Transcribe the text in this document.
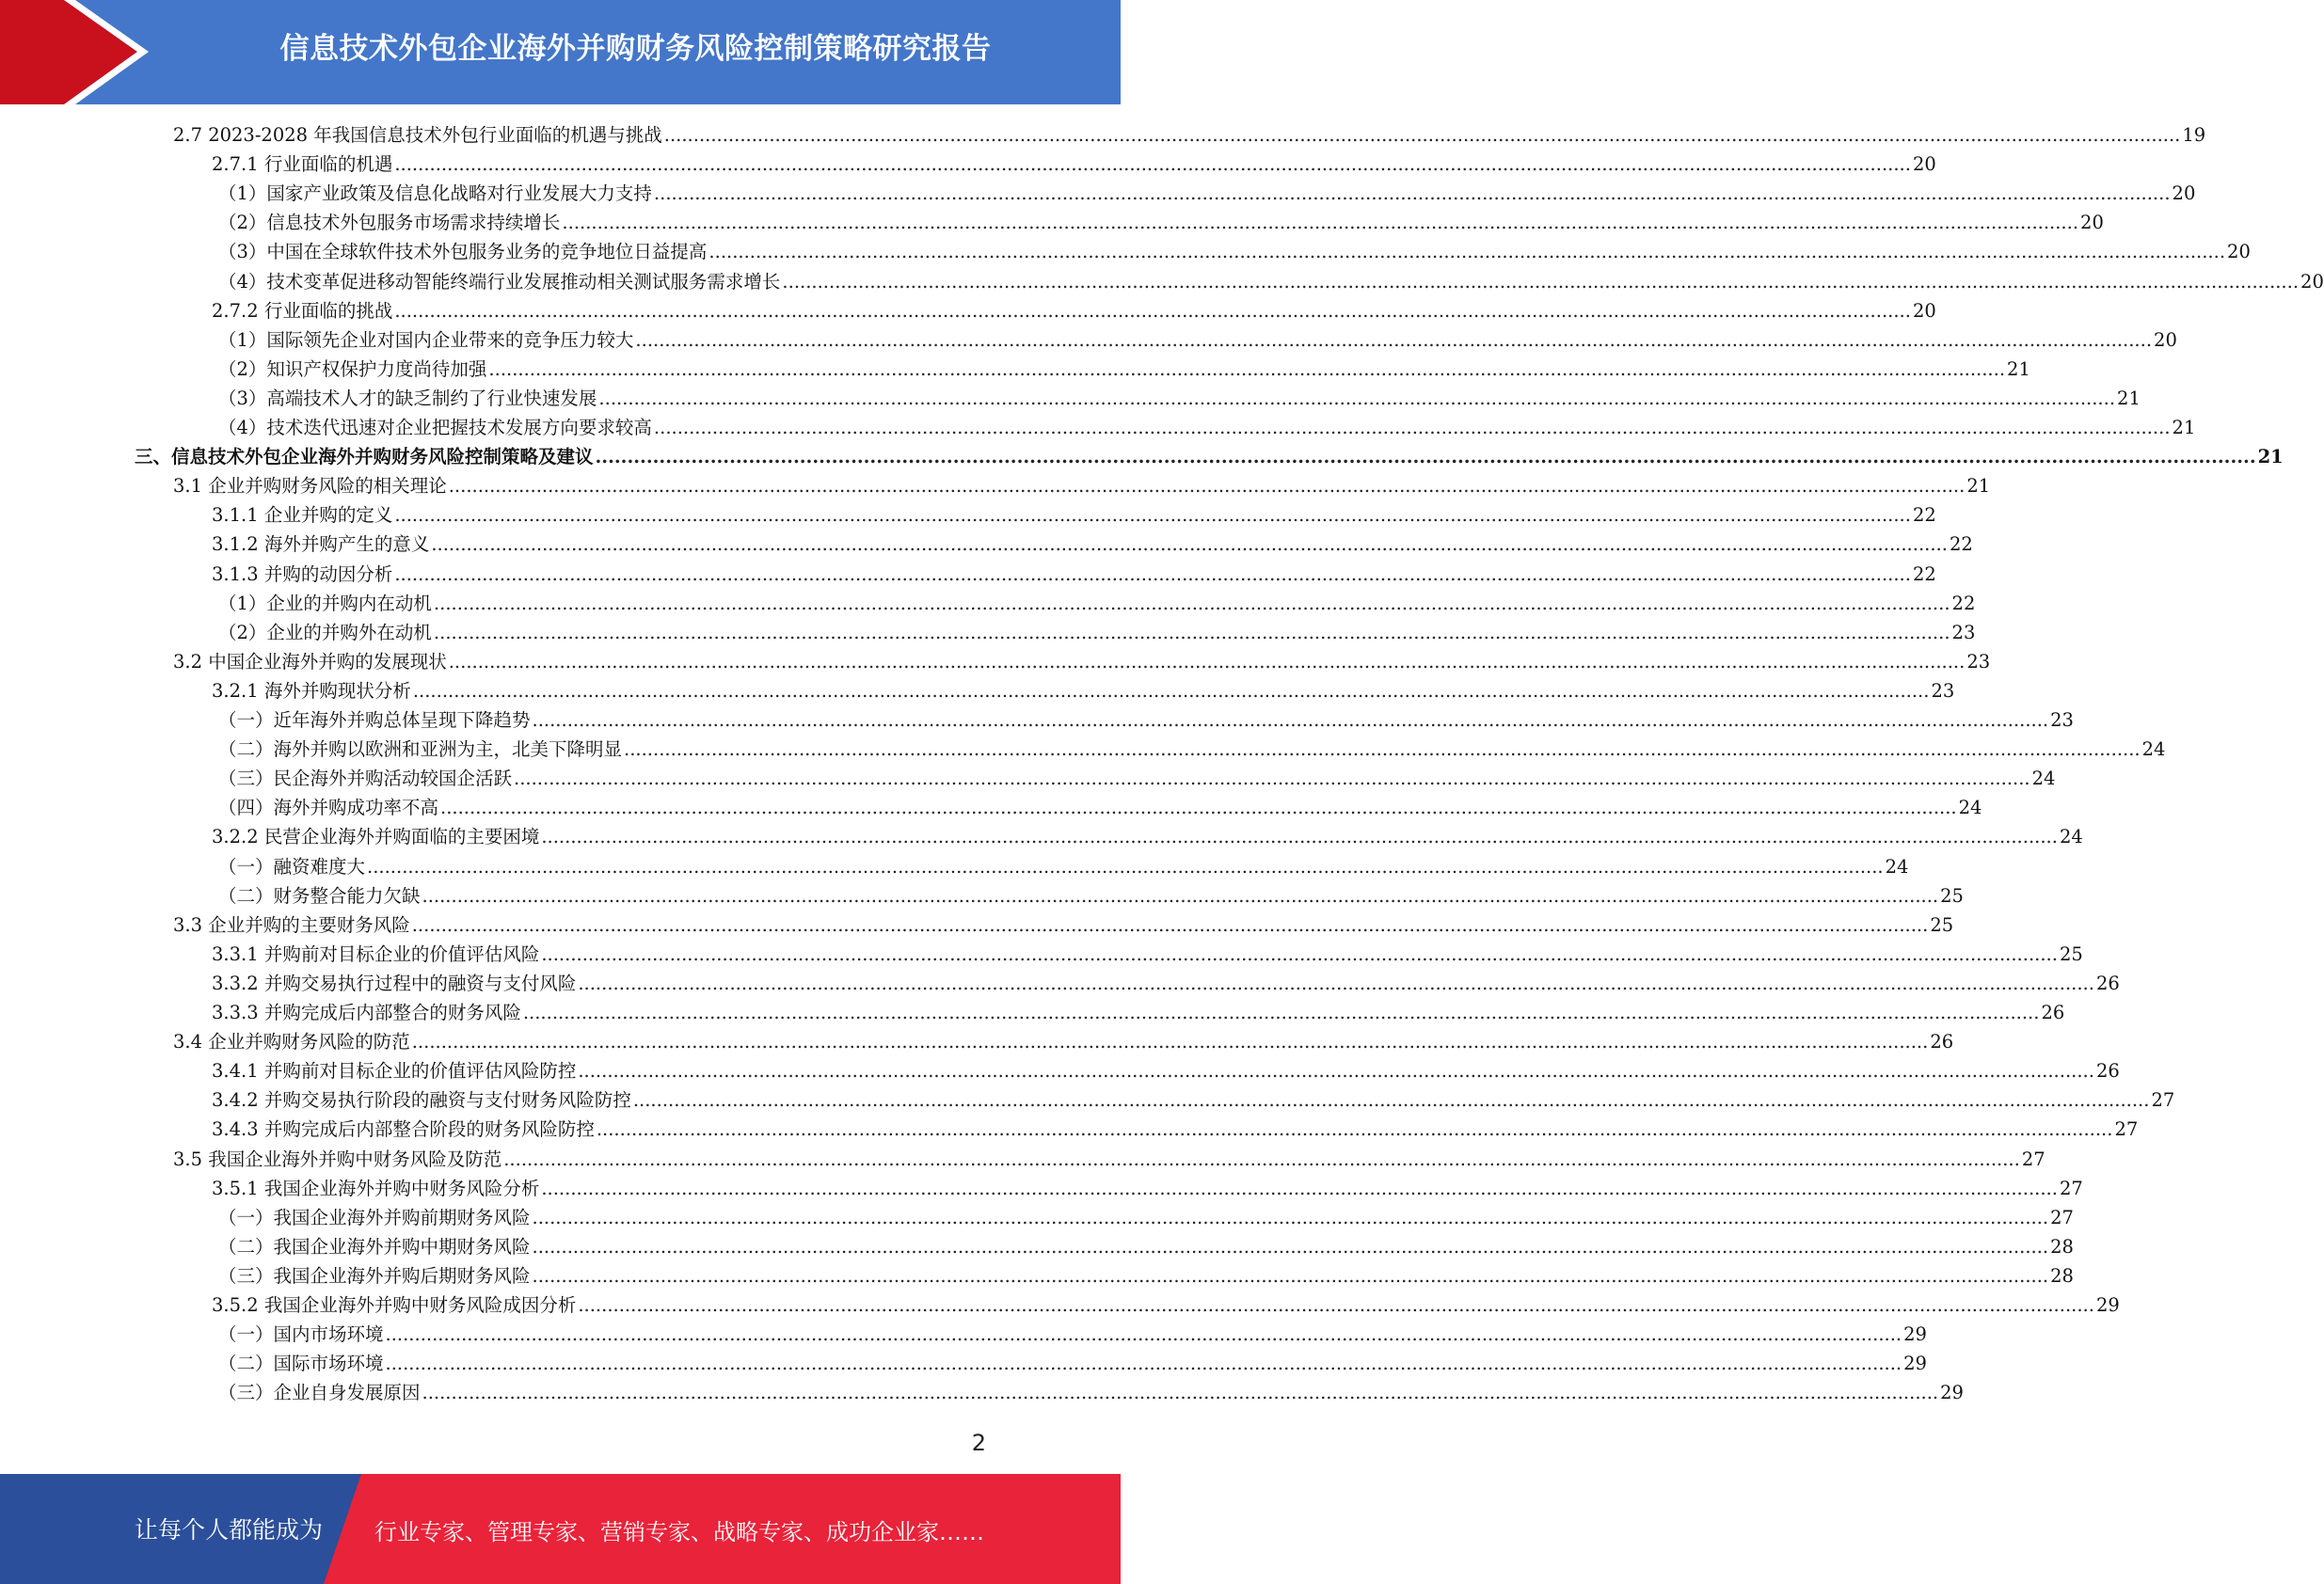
信息技术外包企业海外并购财务风险控制策略研究报告
2.7 2023-2028 年我国信息技术外包行业面临的机遇与挑战 .................................................................................................................................................................................................................................................................... 19
2.7.1 行业面临的机遇 .................................................................................................................................................................................................................................................................... 20
（1）国家产业政策及信息化战略对行业发展大力支持 .................................................................................................................................................................................................................................................................... 20
（2）信息技术外包服务市场需求持续增长 .................................................................................................................................................................................................................................................................... 20
（3）中国在全球软件技术外包服务业务的竞争地位日益提高 .................................................................................................................................................................................................................................................................... 20
（4）技术变革促进移动智能终端行业发展推动相关测试服务需求增长 .................................................................................................................................................................................................................................................................... 20
2.7.2 行业面临的挑战 .................................................................................................................................................................................................................................................................... 20
（1）国际领先企业对国内企业带来的竞争压力较大 .................................................................................................................................................................................................................................................................... 20
（2）知识产权保护力度尚待加强 .................................................................................................................................................................................................................................................................... 21
（3）高端技术人才的缺乏制约了行业快速发展 .................................................................................................................................................................................................................................................................... 21
（4）技术迭代迅速对企业把握技术发展方向要求较高 .................................................................................................................................................................................................................................................................... 21
三、信息技术外包企业海外并购财务风险控制策略及建议 .................................................................................................................................................................................................................................................................... 21
3.1 企业并购财务风险的相关理论 .................................................................................................................................................................................................................................................................... 21
3.1.1 企业并购的定义 .................................................................................................................................................................................................................................................................... 22
3.1.2 海外并购产生的意义 .................................................................................................................................................................................................................................................................... 22
3.1.3 并购的动因分析 .................................................................................................................................................................................................................................................................... 22
（1）企业的并购内在动机 .................................................................................................................................................................................................................................................................... 22
（2）企业的并购外在动机 .................................................................................................................................................................................................................................................................... 23
3.2 中国企业海外并购的发展现状 .................................................................................................................................................................................................................................................................... 23
3.2.1 海外并购现状分析 .................................................................................................................................................................................................................................................................... 23
（一）近年海外并购总体呈现下降趋势 .................................................................................................................................................................................................................................................................... 23
（二）海外并购以欧洲和亚洲为主，北美下降明显 .................................................................................................................................................................................................................................................................... 24
（三）民企海外并购活动较国企活跃 .................................................................................................................................................................................................................................................................... 24
（四）海外并购成功率不高 .................................................................................................................................................................................................................................................................... 24
3.2.2 民营企业海外并购面临的主要困境 .................................................................................................................................................................................................................................................................... 24
（一）融资难度大 .................................................................................................................................................................................................................................................................... 24
（二）财务整合能力欠缺 .................................................................................................................................................................................................................................................................... 25
3.3 企业并购的主要财务风险 .................................................................................................................................................................................................................................................................... 25
3.3.1 并购前对目标企业的价值评估风险 .................................................................................................................................................................................................................................................................... 25
3.3.2 并购交易执行过程中的融资与支付风险 .................................................................................................................................................................................................................................................................... 26
3.3.3 并购完成后内部整合的财务风险 .................................................................................................................................................................................................................................................................... 26
3.4 企业并购财务风险的防范 .................................................................................................................................................................................................................................................................... 26
3.4.1 并购前对目标企业的价值评估风险防控 .................................................................................................................................................................................................................................................................... 26
3.4.2 并购交易执行阶段的融资与支付财务风险防控 .................................................................................................................................................................................................................................................................... 27
3.4.3 并购完成后内部整合阶段的财务风险防控 .................................................................................................................................................................................................................................................................... 27
3.5 我国企业海外并购中财务风险及防范 .................................................................................................................................................................................................................................................................... 27
3.5.1 我国企业海外并购中财务风险分析 .................................................................................................................................................................................................................................................................... 27
（一）我国企业海外并购前期财务风险 .................................................................................................................................................................................................................................................................... 27
（二）我国企业海外并购中期财务风险 .................................................................................................................................................................................................................................................................... 28
（三）我国企业海外并购后期财务风险 .................................................................................................................................................................................................................................................................... 28
3.5.2 我国企业海外并购中财务风险成因分析 .................................................................................................................................................................................................................................................................... 29
（一）国内市场环境 .................................................................................................................................................................................................................................................................... 29
（二）国际市场环境 .................................................................................................................................................................................................................................................................... 29
（三）企业自身发展原因 .................................................................................................................................................................................................................................................................... 29
2
让每个人都能成为 行业专家、管理专家、营销专家、战略专家、成功企业家……
